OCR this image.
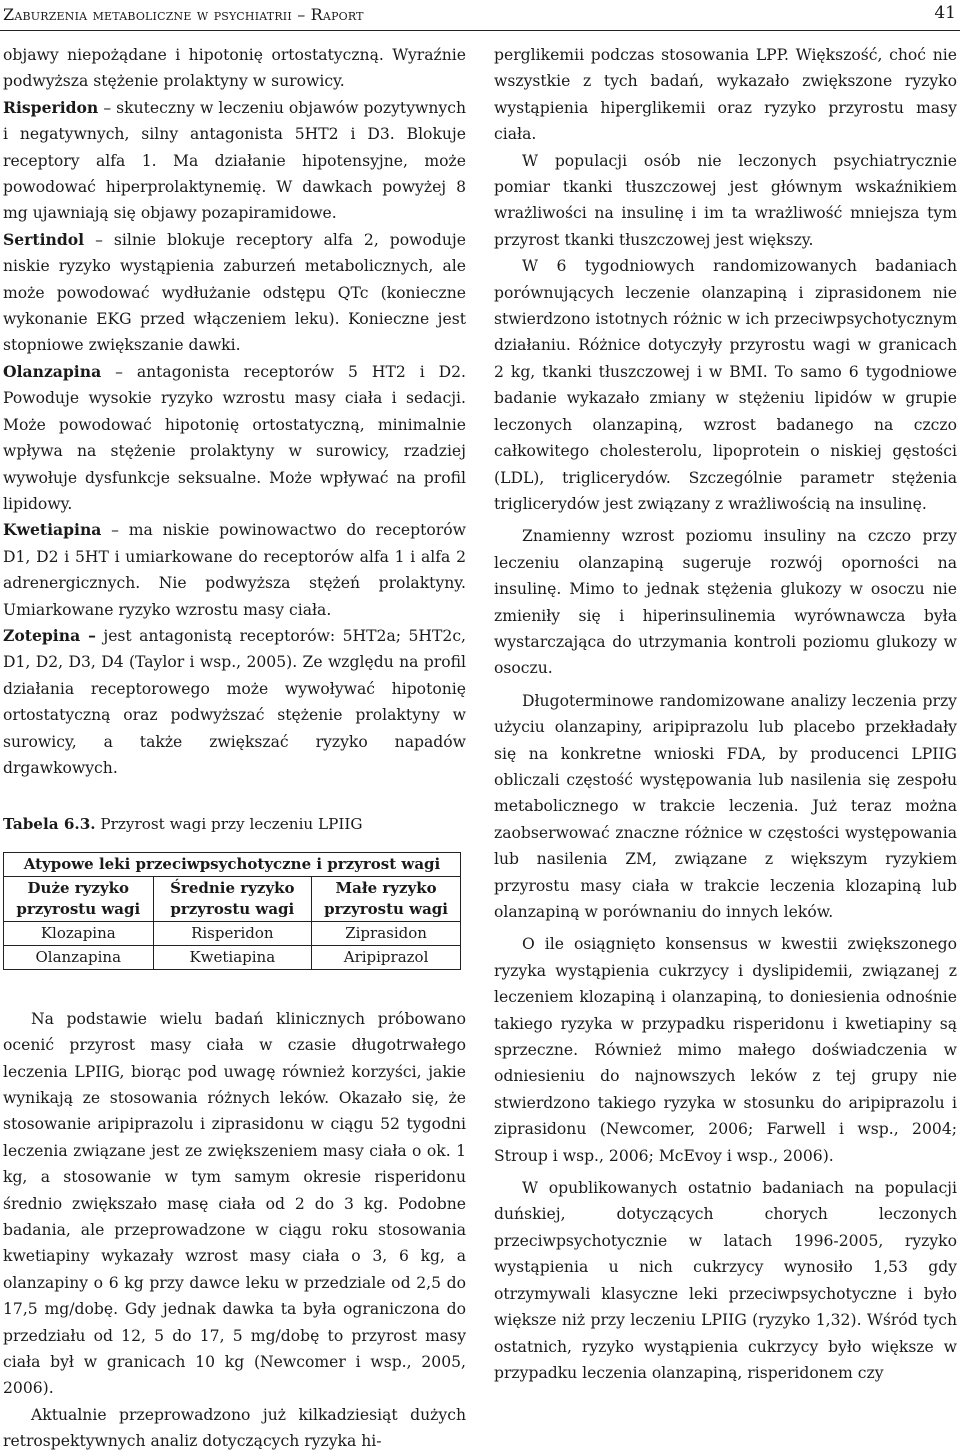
Zaburzenia metaboliczne w psychiatrii – Raport	41

objawy niepożądane i hipotonię ortostatyczną. Wyraźnie podwyższa stężenie prolaktyny w surowicy.

Risperidon – skuteczny w leczeniu objawów pozytywnych i negatywnych, silny antagonista 5HT2 i D3. Blokuje receptory alfa 1. Ma działanie hipotensyjne, może powodować hiperprolaktynemię. W dawkach powyżej 8 mg ujawniają się objawy pozapiramidowe.

Sertindol – silnie blokuje receptory alfa 2, powoduje niskie ryzyko wystąpienia zaburzeń metabolicznych, ale może powodować wydłużanie odstępu QTc (konieczne wykonanie EKG przed włączeniem leku). Konieczne jest stopniowe zwiększanie dawki.

Olanzapina – antagonista receptorów 5 HT2 i D2. Powoduje wysokie ryzyko wzrostu masy ciała i sedacji. Może powodować hipotonię ortostatyczną, minimalnie wpływa na stężenie prolaktyny w surowicy, rzadziej wywołuje dysfunkcje seksualne. Może wpływać na profil lipidowy.

Kwetiapina – ma niskie powinowactwo do receptorów D1, D2 i 5HT i umiarkowane do receptorów alfa 1 i alfa 2 adrenergicznych. Nie podwyższa stężeń prolaktyny. Umiarkowane ryzyko wzrostu masy ciała.

Zotepina – jest antagonistą receptorów: 5HT2a; 5HT2c, D1, D2, D3, D4 (Taylor i wsp., 2005). Ze względu na profil działania receptorowego może wywoływać hipotonię ortostatyczną oraz podwyższać stężenie prolaktyny w surowicy, a także zwiększać ryzyko napadów drgawkowych.

Tabela 6.3. Przyrost wagi przy leczeniu LPIIG

Atypowe leki przeciwpsychotyczne i przyrost wagi		
Duże ryzyko przyrostu wagi	Średnie ryzyko przyrostu wagi	Małe ryzyko przyrostu wagi
Klozapina	Risperidon	Ziprasidon
Olanzapina	Kwetiapina	Aripiprazol

Na podstawie wielu badań klinicznych próbowano ocenić przyrost masy ciała w czasie długotrwałego leczenia LPIIG, biorąc pod uwagę również korzyści, jakie wynikają ze stosowania różnych leków. Okazało się, że stosowanie aripiprazolu i ziprasidonu w ciągu 52 tygodni leczenia związane jest ze zwiększeniem masy ciała o ok. 1 kg, a stosowanie w tym samym okresie risperidonu średnio zwiększało masę ciała od 2 do 3 kg. Podobne badania, ale przeprowadzone w ciągu roku stosowania kwetiapiny wykazały wzrost masy ciała o 3, 6 kg, a olanzapiny o 6 kg przy dawce leku w przedziale od 2,5 do 17,5 mg/dobę. Gdy jednak dawka ta była ograniczona do przedziału od 12, 5 do 17, 5 mg/dobę to przyrost masy ciała był w granicach 10 kg (Newcomer i wsp., 2005, 2006).

Aktualnie przeprowadzono już kilkadziesiąt dużych retrospektywnych analiz dotyczących ryzyka hi-

perglikemii podczas stosowania LPP. Większość, choć nie wszystkie z tych badań, wykazało zwiększone ryzyko wystąpienia hiperglikemii oraz ryzyko przyrostu masy ciała.

W populacji osób nie leczonych psychiatrycznie pomiar tkanki tłuszczowej jest głównym wskaźnikiem wrażliwości na insulinę i im ta wrażliwość mniejsza tym przyrost tkanki tłuszczowej jest większy.

W 6 tygodniowych randomizowanych badaniach porównujących leczenie olanzapiną i ziprasidonem nie stwierdzono istotnych różnic w ich przeciwpsychotycznym działaniu. Różnice dotyczyły przyrostu wagi w granicach 2 kg, tkanki tłuszczowej i w BMI. To samo 6 tygodniowe badanie wykazało zmiany w stężeniu lipidów w grupie leczonych olanzapiną, wzrost badanego na czczo całkowitego cholesterolu, lipoprotein o niskiej gęstości (LDL), triglicerydów. Szczególnie parametr stężenia triglicerydów jest związany z wrażliwością na insulinę.

Znamienny wzrost poziomu insuliny na czczo przy leczeniu olanzapiną sugeruje rozwój oporności na insulinę. Mimo to jednak stężenia glukozy w osoczu nie zmieniły się i hiperinsulinemia wyrównawcza była wystarczająca do utrzymania kontroli poziomu glukozy w osoczu.

Długoterminowe randomizowane analizy leczenia przy użyciu olanzapiny, aripiprazolu lub placebo przekładały się na konkretne wnioski FDA, by producenci LPIIG obliczali częstość występowania lub nasilenia się zespołu metabolicznego w trakcie leczenia. Już teraz można zaobserwować znaczne różnice w częstości występowania lub nasilenia ZM, związane z większym ryzykiem przyrostu masy ciała w trakcie leczenia klozapiną lub olanzapiną w porównaniu do innych leków.

O ile osiągnięto konsensus w kwestii zwiększonego ryzyka wystąpienia cukrzycy i dyslipidemii, związanej z leczeniem klozapiną i olanzapiną, to doniesienia odnośnie takiego ryzyka w przypadku risperidonu i kwetiapiny są sprzeczne. Również mimo małego doświadczenia w odniesieniu do najnowszych leków z tej grupy nie stwierdzono takiego ryzyka w stosunku do aripiprazolu i ziprasidonu (Newcomer, 2006; Farwell i wsp., 2004; Stroup i wsp., 2006; McEvoy i wsp., 2006).

W opublikowanych ostatnio badaniach na populacji duńskiej, dotyczących chorych leczonych przeciwpsychotycznie w latach 1996-2005, ryzyko wystąpienia u nich cukrzycy wynosiło 1,53 gdy otrzymywali klasyczne leki przeciwpsychotyczne i było większe niż przy leczeniu LPIIG (ryzyko 1,32). Wśród tych ostatnich, ryzyko wystąpienia cukrzycy było większe w przypadku leczenia olanzapiną, risperidonem czy
